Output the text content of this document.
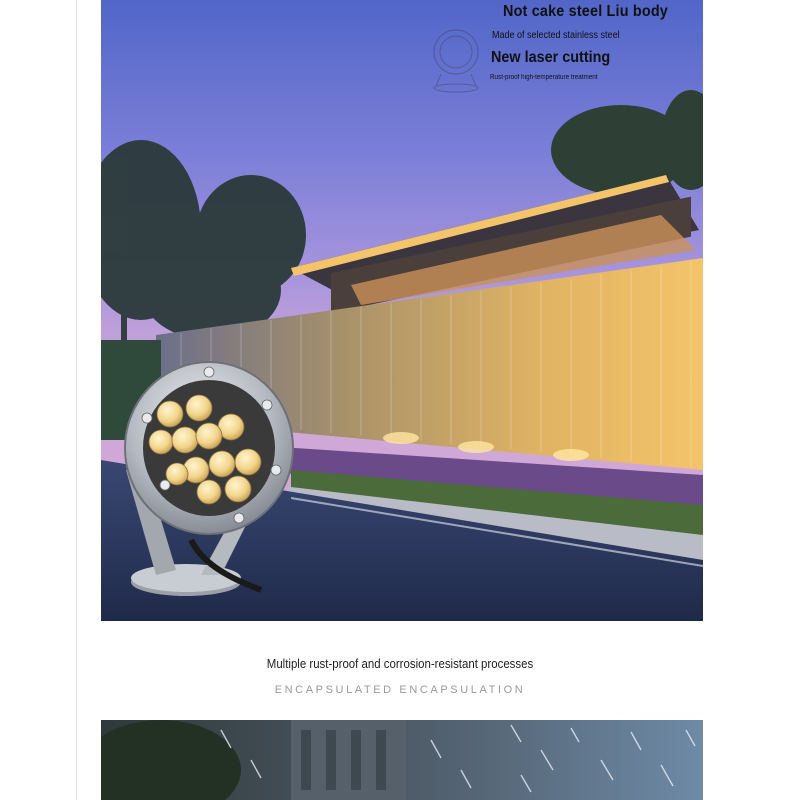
Not cake steel Liu body
Made of selected stainless steel
New laser cutting
Rust-proof high-temperature treatment
Multiple rust-proof and corrosion-resistant processes
ENCAPSULATED ENCAPSULATION
